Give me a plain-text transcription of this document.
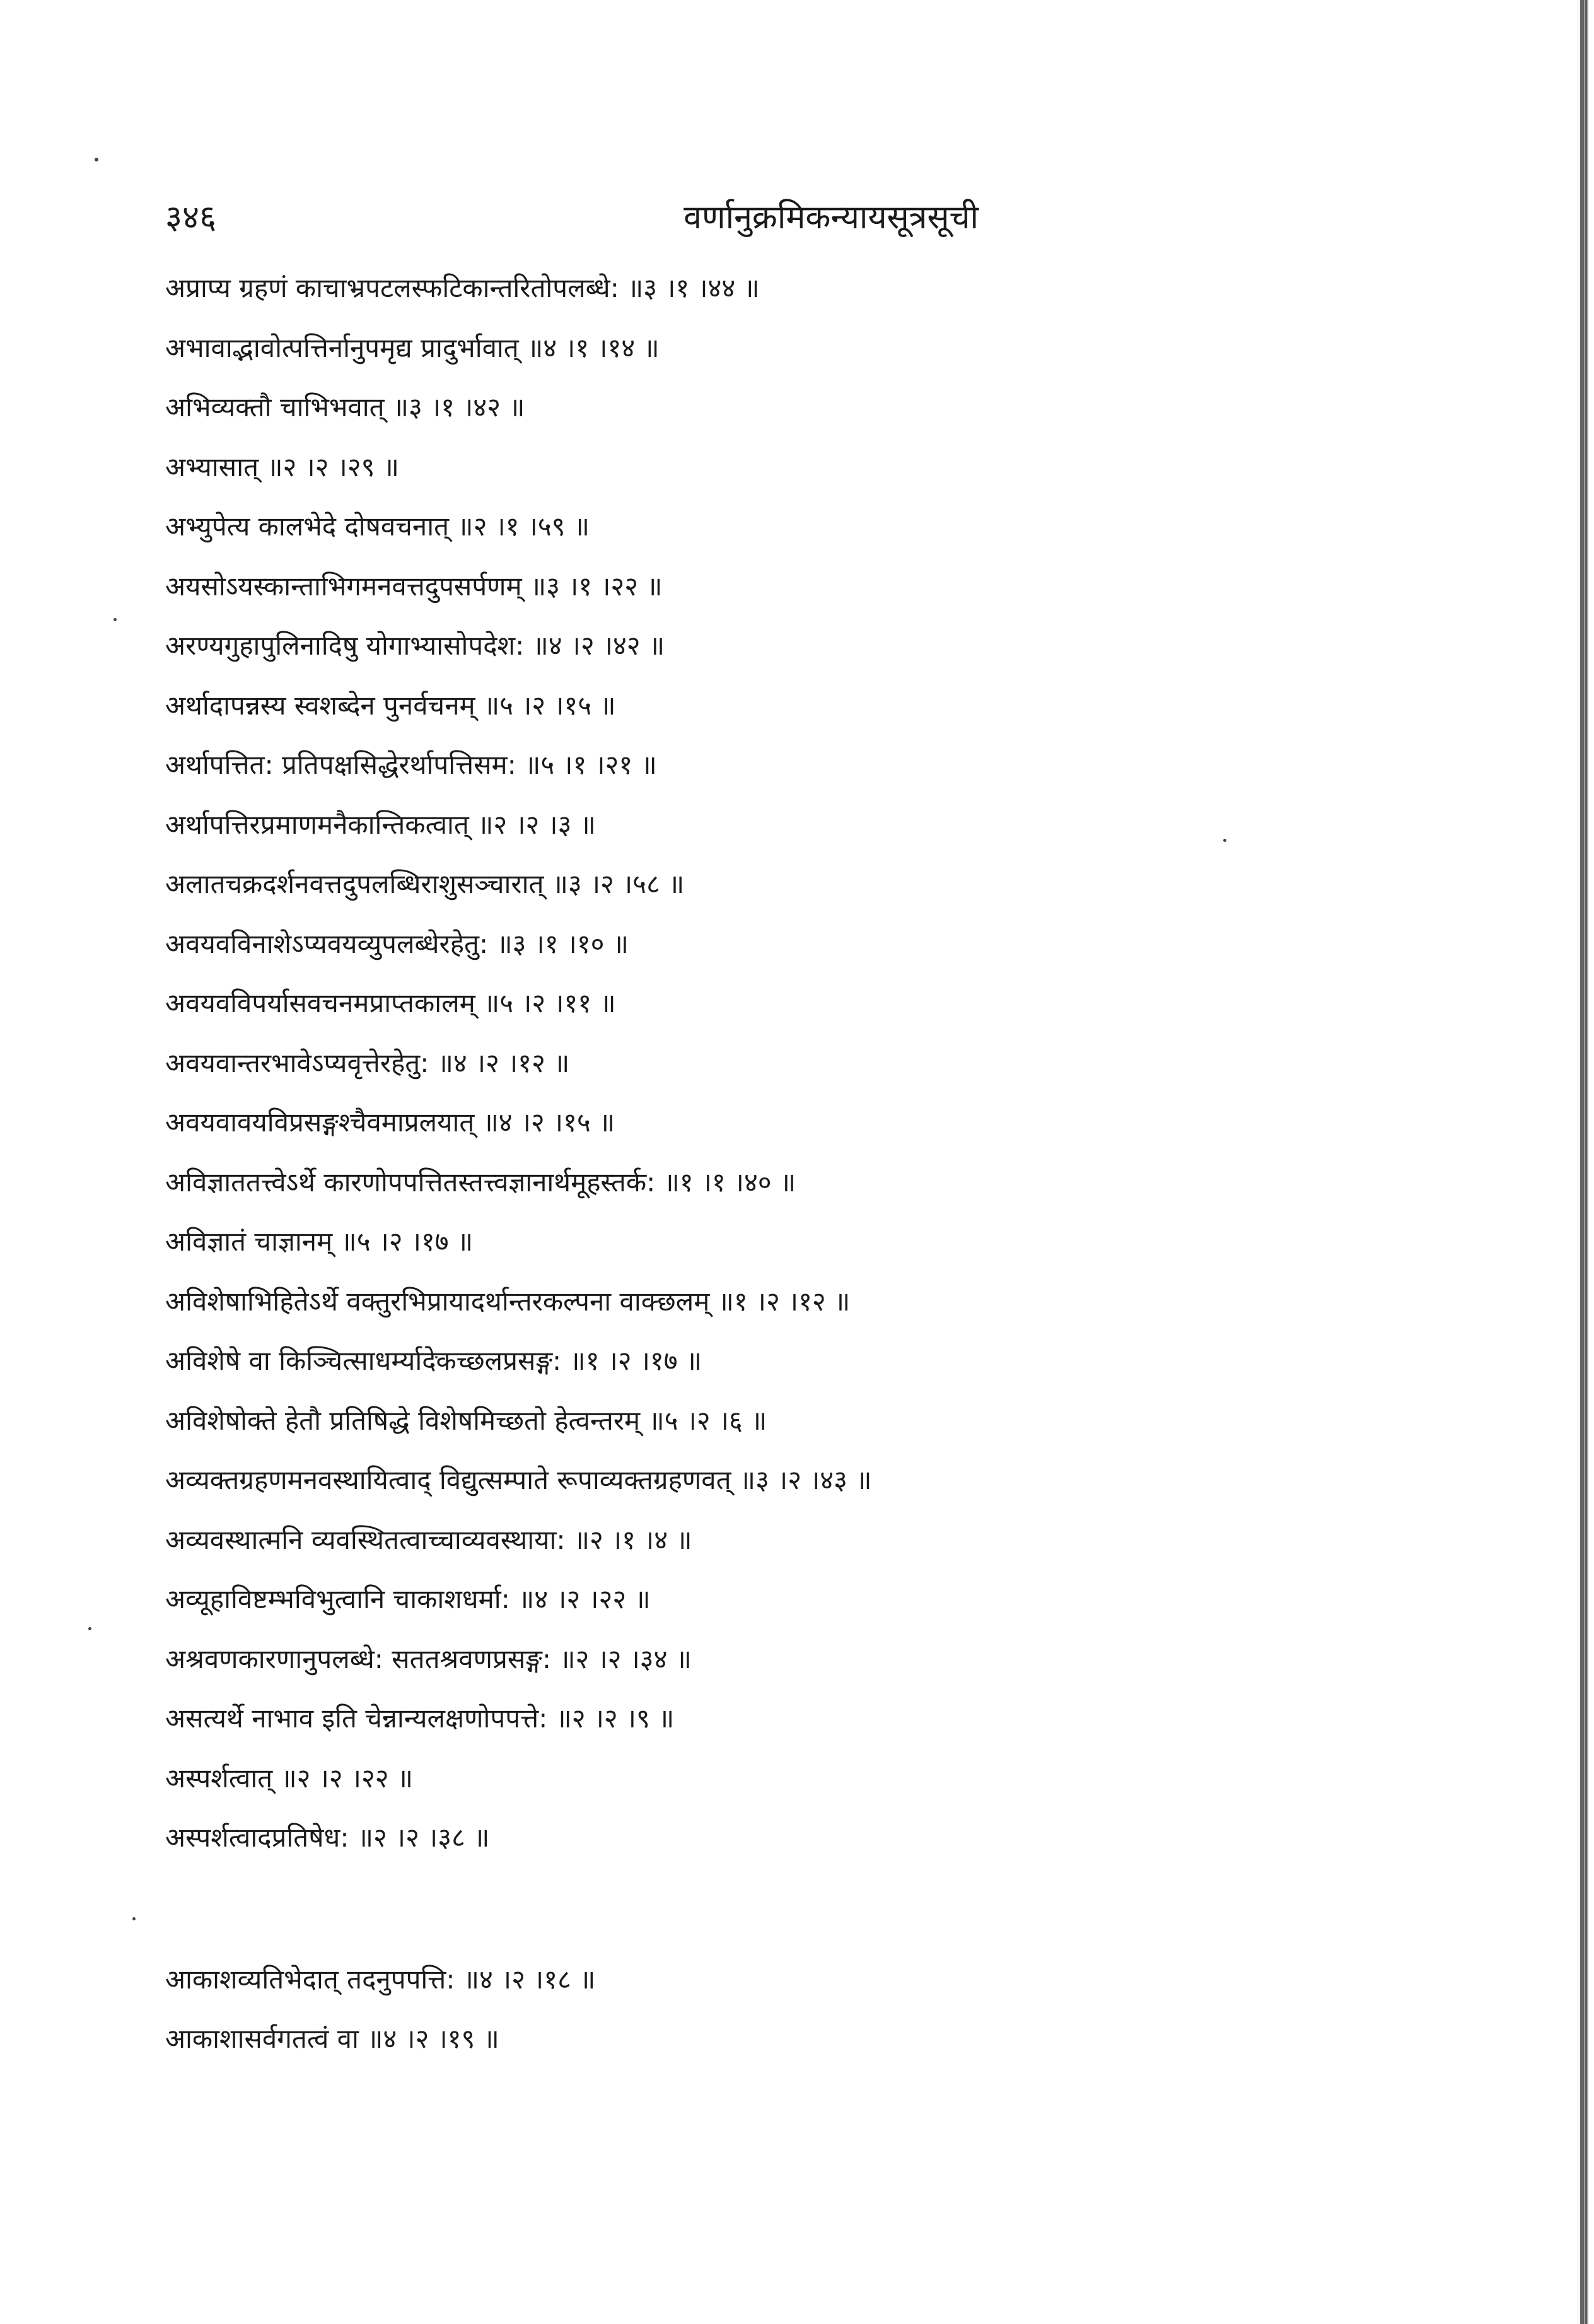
३४६	वर्णानुक्रमिकन्यायसूत्रसूची
अप्राप्य ग्रहणं काचाभ्रपटलस्फटिकान्तरितोपलब्धे: ॥३ ।१ ।४४ ॥
अभावाद्भावोत्पत्तिर्नानुपमृद्य प्रादुर्भावात् ॥४ ।१ ।१४ ॥
अभिव्यक्तौ चाभिभवात् ॥३ ।१ ।४२ ॥
अभ्यासात् ॥२ ।२ ।२९ ॥
अभ्युपेत्य कालभेदे दोषवचनात् ॥२ ।१ ।५९ ॥
अयसोऽयस्कान्ताभिगमनवत्तदुपसर्पणम् ॥३ ।१ ।२२ ॥
अरण्यगुहापुलिनादिषु योगाभ्यासोपदेश: ॥४ ।२ ।४२ ॥
अर्थादापन्नस्य स्वशब्देन पुनर्वचनम् ॥५ ।२ ।१५ ॥
अर्थापत्तित: प्रतिपक्षसिद्धेरर्थापत्तिसम: ॥५ ।१ ।२१ ॥
अर्थापत्तिरप्रमाणमनैकान्तिकत्वात् ॥२ ।२ ।३ ॥
अलातचक्रदर्शनवत्तदुपलब्धिराशुसञ्चारात् ॥३ ।२ ।५८ ॥
अवयवविनाशेऽप्यवयव्युपलब्धेरहेतु: ॥३ ।१ ।१० ॥
अवयवविपर्यासवचनमप्राप्तकालम् ॥५ ।२ ।११ ॥
अवयवान्तरभावेऽप्यवृत्तेरहेतु: ॥४ ।२ ।१२ ॥
अवयवावयविप्रसङ्गश्चैवमाप्रलयात् ॥४ ।२ ।१५ ॥
अविज्ञाततत्त्वेऽर्थे कारणोपपत्तितस्तत्त्वज्ञानार्थमूहस्तर्क: ॥१ ।१ ।४० ॥
अविज्ञातं चाज्ञानम् ॥५ ।२ ।१७ ॥
अविशेषाभिहितेऽर्थे वक्तुरभिप्रायादर्थान्तरकल्पना वाक्छलम् ॥१ ।२ ।१२ ॥
अविशेषे वा किञ्चित्साधर्म्यादेकच्छलप्रसङ्ग: ॥१ ।२ ।१७ ॥
अविशेषोक्ते हेतौ प्रतिषिद्धे विशेषमिच्छतो हेत्वन्तरम् ॥५ ।२ ।६ ॥
अव्यक्तग्रहणमनवस्थायित्वाद् विद्युत्सम्पाते रूपाव्यक्तग्रहणवत् ॥३ ।२ ।४३ ॥
अव्यवस्थात्मनि व्यवस्थितत्वाच्चाव्यवस्थाया: ॥२ ।१ ।४ ॥
अव्यूहाविष्टम्भविभुत्वानि चाकाशधर्मा: ॥४ ।२ ।२२ ॥
अश्रवणकारणानुपलब्धे: सततश्रवणप्रसङ्ग: ॥२ ।२ ।३४ ॥
असत्यर्थे नाभाव इति चेन्नान्यलक्षणोपपत्ते: ॥२ ।२ ।९ ॥
अस्पर्शत्वात् ॥२ ।२ ।२२ ॥
अस्पर्शत्वादप्रतिषेध: ॥२ ।२ ।३८ ॥
आकाशव्यतिभेदात् तदनुपपत्ति: ॥४ ।२ ।१८ ॥
आकाशासर्वगतत्वं वा ॥४ ।२ ।१९ ॥
